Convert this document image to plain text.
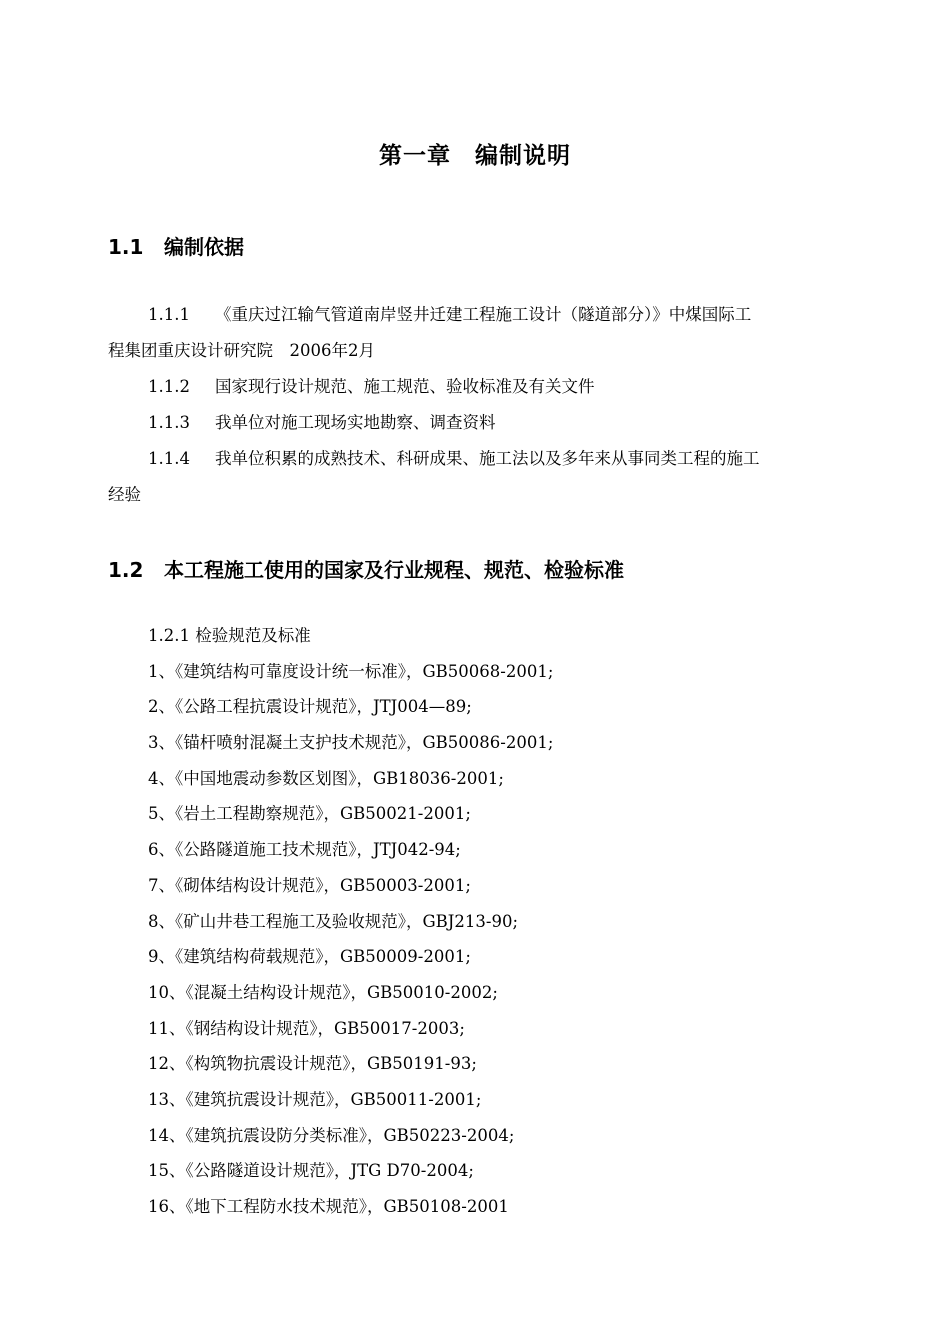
第一章　编制说明
1.1 编制依据
1.1.1 《重庆过江输气管道南岸竖井迁建工程施工设计（隧道部分）》中煤国际工
程集团重庆设计研究院　2006年2月
1.1.2 国家现行设计规范、施工规范、验收标准及有关文件
1.1.3 我单位对施工现场实地勘察、调查资料
1.1.4 我单位积累的成熟技术、科研成果、施工法以及多年来从事同类工程的施工
经验
1.2 本工程施工使用的国家及行业规程、规范、检验标准
1.2.1 检验规范及标准
1、《建筑结构可靠度设计统一标准》，GB50068-2001;
2、《公路工程抗震设计规范》，JTJ004—89;
3、《锚杆喷射混凝土支护技术规范》，GB50086-2001;
4、《中国地震动参数区划图》，GB18036-2001;
5、《岩土工程勘察规范》，GB50021-2001;
6、《公路隧道施工技术规范》，JTJ042-94;
7、《砌体结构设计规范》，GB50003-2001;
8、《矿山井巷工程施工及验收规范》，GBJ213-90;
9、《建筑结构荷载规范》，GB50009-2001;
10、《混凝土结构设计规范》，GB50010-2002;
11、《钢结构设计规范》，GB50017-2003;
12、《构筑物抗震设计规范》，GB50191-93;
13、《建筑抗震设计规范》，GB50011-2001;
14、《建筑抗震设防分类标准》，GB50223-2004;
15、《公路隧道设计规范》，JTG D70-2004;
16、《地下工程防水技术规范》，GB50108-2001
